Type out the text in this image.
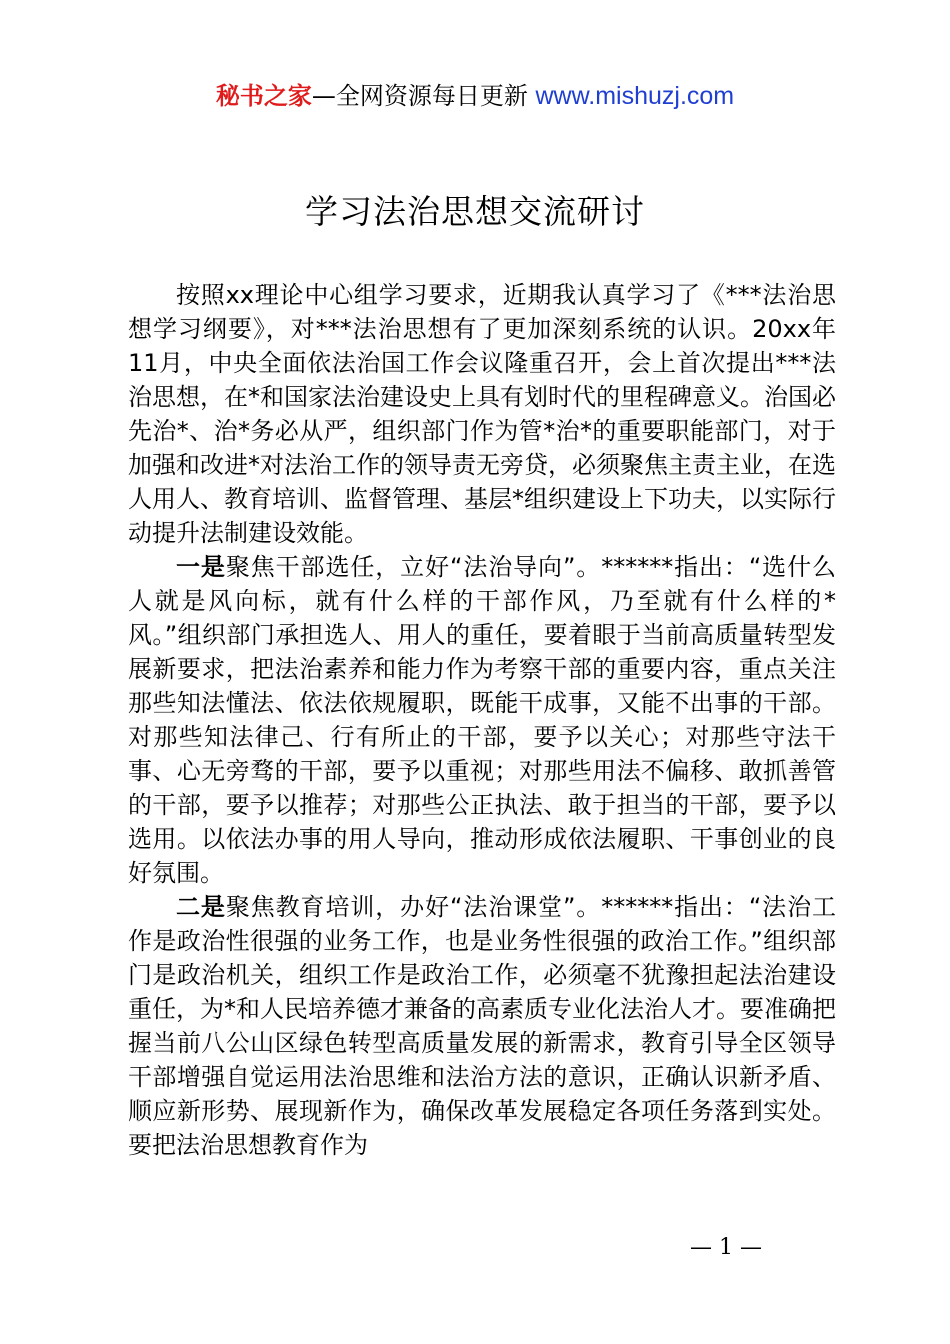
秘书之家—全网资源每日更新 www.mishuzj.com
学习法治思想交流研讨

按照xx理论中心组学习要求，近期我认真学习了《***法治思想学习纲要》，对***法治思想有了更加深刻系统的认识。20xx年11月，中央全面依法治国工作会议隆重召开，会上首次提出***法治思想，在*和国家法治建设史上具有划时代的里程碑意义。治国必先治*、治*务必从严，组织部门作为管*治*的重要职能部门，对于加强和改进*对法治工作的领导责无旁贷，必须聚焦主责主业，在选人用人、教育培训、监督管理、基层*组织建设上下功夫，以实际行动提升法制建设效能。

一是聚焦干部选任，立好“法治导向”。******指出：“选什么人就是风向标，就有什么样的干部作风，乃至就有什么样的*风。”组织部门承担选人、用人的重任，要着眼于当前高质量转型发展新要求，把法治素养和能力作为考察干部的重要内容，重点关注那些知法懂法、依法依规履职，既能干成事，又能不出事的干部。对那些知法律己、行有所止的干部，要予以关心；对那些守法干事、心无旁骛的干部，要予以重视；对那些用法不偏移、敢抓善管的干部，要予以推荐；对那些公正执法、敢于担当的干部，要予以选用。以依法办事的用人导向，推动形成依法履职、干事创业的良好氛围。

二是聚焦教育培训，办好“法治课堂”。******指出：“法治工作是政治性很强的业务工作，也是业务性很强的政治工作。”组织部门是政治机关，组织工作是政治工作，必须毫不犹豫担起法治建设重任，为*和人民培养德才兼备的高素质专业化法治人才。要准确把握当前八公山区绿色转型高质量发展的新需求，教育引导全区领导干部增强自觉运用法治思维和法治方法的意识，正确认识新矛盾、顺应新形势、展现新作为，确保改革发展稳定各项任务落到实处。要把法治思想教育作为

— 1 —
